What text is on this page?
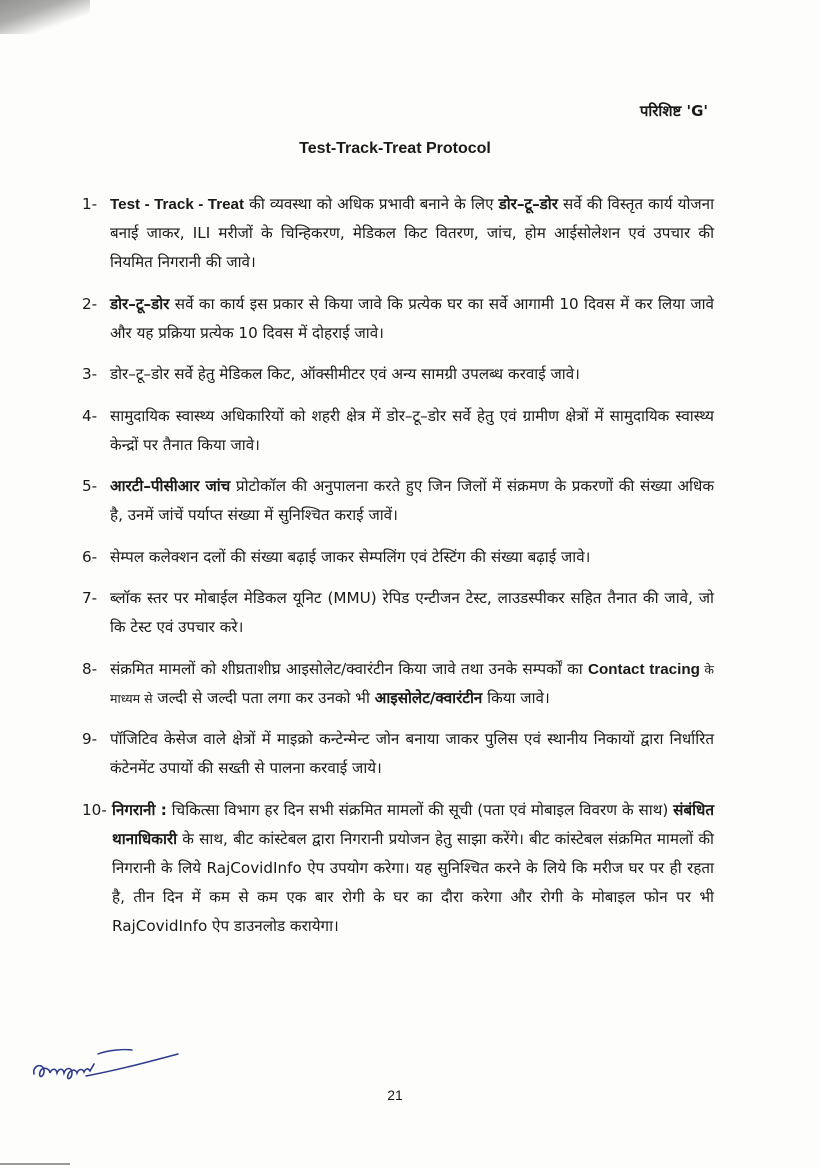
परिशिष्ट 'G'
Test-Track-Treat Protocol
1- Test - Track - Treat की व्यवस्था को अधिक प्रभावी बनाने के लिए डोर–टू–डोर सर्वे की विस्तृत कार्य योजना बनाई जाकर, ILI मरीजों के चिन्हिकरण, मेडिकल किट वितरण, जांच, होम आईसोलेशन एवं उपचार की नियमित निगरानी की जावे।
2- डोर–टू–डोर सर्वे का कार्य इस प्रकार से किया जावे कि प्रत्येक घर का सर्वे आगामी 10 दिवस में कर लिया जावे और यह प्रक्रिया प्रत्येक 10 दिवस में दोहराई जावे।
3- डोर–टू–डोर सर्वे हेतु मेडिकल किट, ऑक्सीमीटर एवं अन्य सामग्री उपलब्ध करवाई जावे।
4- सामुदायिक स्वास्थ्य अधिकारियों को शहरी क्षेत्र में डोर–टू–डोर सर्वे हेतु एवं ग्रामीण क्षेत्रों में सामुदायिक स्वास्थ्य केन्द्रों पर तैनात किया जावे।
5- आरटी–पीसीआर जांच प्रोटोकॉल की अनुपालना करते हुए जिन जिलों में संक्रमण के प्रकरणों की संख्या अधिक है, उनमें जांचें पर्याप्त संख्या में सुनिश्चित कराई जावें।
6- सेम्पल कलेक्शन दलों की संख्या बढ़ाई जाकर सेम्पलिंग एवं टेस्टिंग की संख्या बढ़ाई जावे।
7- ब्लॉक स्तर पर मोबाईल मेडिकल यूनिट (MMU) रेपिड एन्टीजन टेस्ट, लाउडस्पीकर सहित तैनात की जावे, जो कि टेस्ट एवं उपचार करे।
8- संक्रमित मामलों को शीघ्रताशीघ्र आइसोलेट/क्वारंटीन किया जावे तथा उनके सम्पर्कों का Contact tracing के माध्यम से जल्दी से जल्दी पता लगा कर उनको भी आइसोलेट/क्वारंटीन किया जावे।
9- पॉजिटिव केसेज वाले क्षेत्रों में माइक्रो कन्टेन्मेन्ट जोन बनाया जाकर पुलिस एवं स्थानीय निकायों द्वारा निर्धारित कंटेनमेंट उपायों की सख्ती से पालना करवाई जाये।
10- निगरानी : चिकित्सा विभाग हर दिन सभी संक्रमित मामलों की सूची (पता एवं मोबाइल विवरण के साथ) संबंधित थानाधिकारी के साथ, बीट कांस्टेबल द्वारा निगरानी प्रयोजन हेतु साझा करेंगे। बीट कांस्टेबल संक्रमित मामलों की निगरानी के लिये RajCovidInfo ऐप उपयोग करेगा। यह सुनिश्चित करने के लिये कि मरीज घर पर ही रहता है, तीन दिन में कम से कम एक बार रोगी के घर का दौरा करेगा और रोगी के मोबाइल फोन पर भी RajCovidInfo ऐप डाउनलोड करायेगा।
21
